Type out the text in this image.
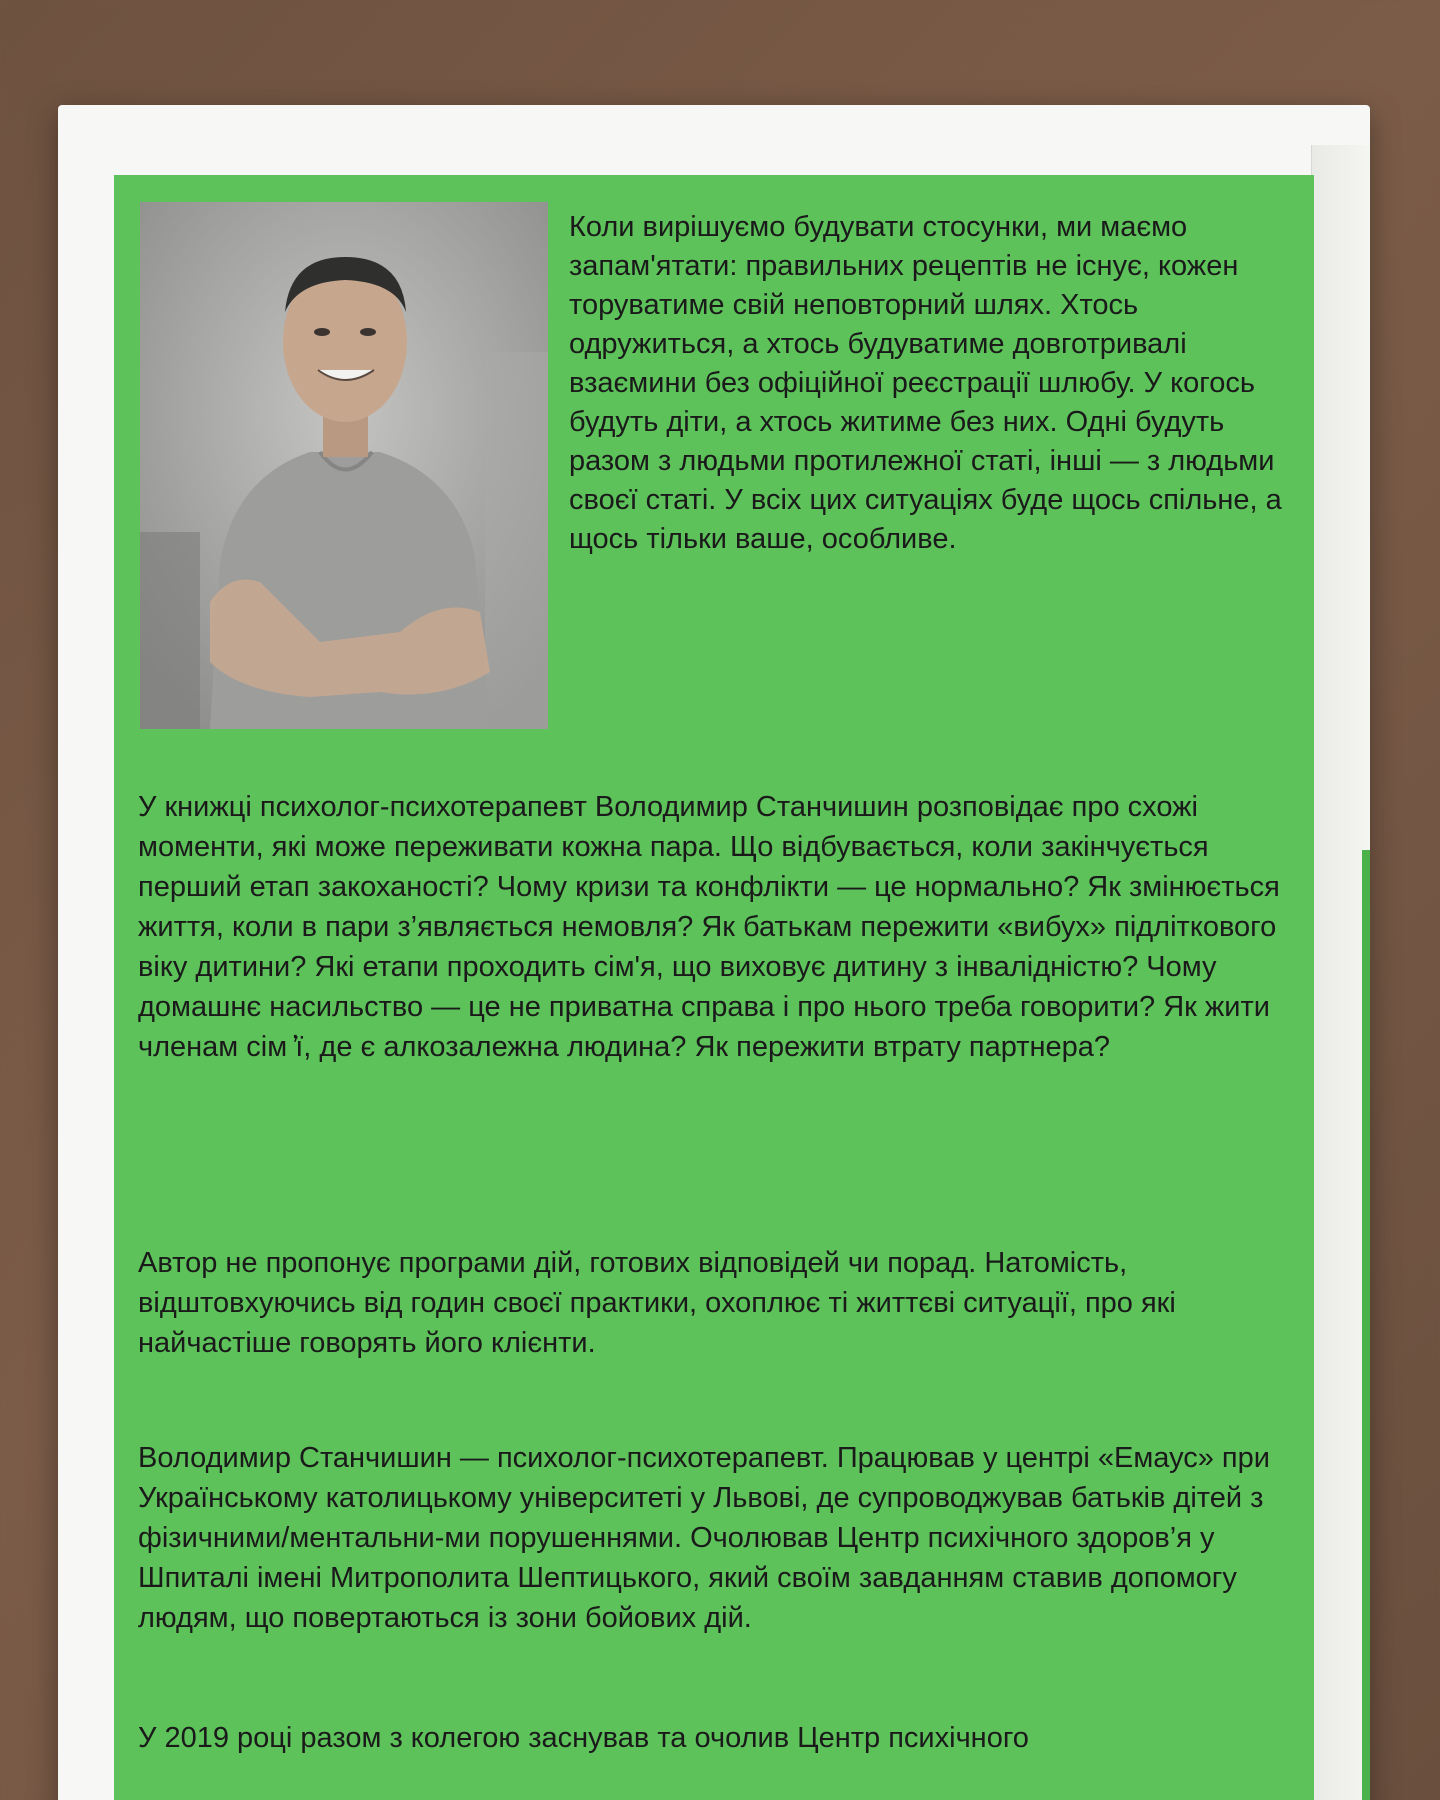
Коли вирішуємо будувати стосунки, ми маємо запам'ятати: правильних рецептів не існує, кожен торуватиме свій неповторний шлях. Хтось одружиться, а хтось будуватиме довготривалі взаємини без офіційної реєстрації шлюбу. У когось будуть діти, а хтось житиме без них. Одні будуть разом з людьми протилежної статі, інші — з людьми своєї статі. У всіх цих ситуаціях буде щось спільне, а щось тільки ваше, особливе.

У книжці психолог-психотерапевт Володимир Станчишин розповідає про схожі моменти, які може переживати кожна пара. Що відбувається, коли закінчується перший етап закоханості? Чому кризи та конфлікти — це нормально? Як змінюється життя, коли в пари з’являється немовля? Як батькам пережити «вибух» підліткового віку дитини? Які етапи проходить сім'я, що виховує дитину з інвалідністю? Чому домашнє насильство — це не приватна справа і про нього треба говорити? Як жити членам сім ̓ї, де є алкозалежна людина? Як пережити втрату партнера?

Автор не пропонує програми дій, готових відповідей чи порад. Натомість, відштовхуючись від годин своєї практики, охоплює ті життєві ситуації, про які найчастіше говорять його клієнти.

Володимир Станчишин — психолог-психотерапевт. Працював у центрі «Емаус» при Українському католицькому університеті у Львові, де супроводжував батьків дітей з фізичними/ментальни-ми порушеннями. Очолював Центр психічного здоров’я у Шпиталі імені Митрополита Шептицького, який своїм завданням ставив допомогу людям, що повертаються із зони бойових дій.

У 2019 році разом з колегою заснував та очолив Центр психічного
